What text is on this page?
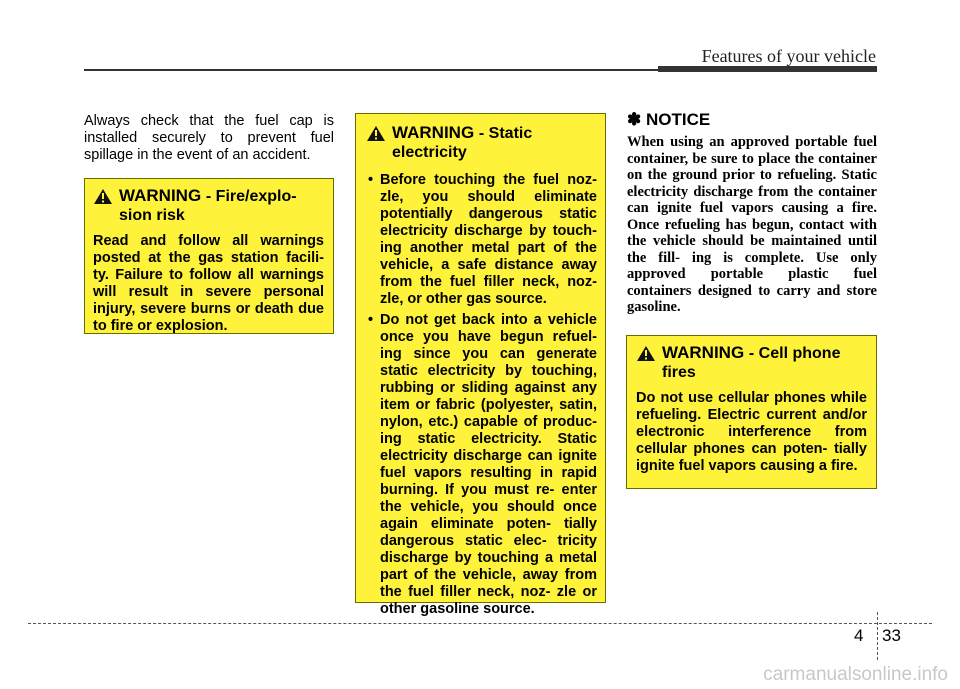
Features of your vehicle
Always check that the fuel cap is installed securely to prevent fuel spillage in the event of an accident.
WARNING - Fire/explo- sion risk
Read and follow all warnings posted at the gas station facili- ty. Failure to follow all warnings will result in severe personal injury, severe burns or death due to fire or explosion.
WARNING - Static electricity
• Before touching the fuel noz- zle, you should eliminate potentially dangerous static electricity discharge by touch- ing another metal part of the vehicle, a safe distance away from the fuel filler neck, noz- zle, or other gas source.
• Do not get back into a vehicle once you have begun refuel- ing since you can generate static electricity by touching, rubbing or sliding against any item or fabric (polyester, satin, nylon, etc.) capable of produc- ing static electricity. Static electricity discharge can ignite fuel vapors resulting in rapid burning. If you must re- enter the vehicle, you should once again eliminate poten- tially dangerous static elec- tricity discharge by touching a metal part of the vehicle, away from the fuel filler neck, noz- zle or other gasoline source.
✽ NOTICE
When using an approved portable fuel container, be sure to place the container on the ground prior to refueling. Static electricity discharge from the container can ignite fuel vapors causing a fire. Once refueling has begun, contact with the vehicle should be maintained until the fill- ing is complete. Use only approved portable plastic fuel containers designed to carry and store gasoline.
WARNING - Cell phone fires
Do not use cellular phones while refueling. Electric current and/or electronic interference from cellular phones can poten- tially ignite fuel vapors causing a fire.
4 33
carmanualsonline.info
